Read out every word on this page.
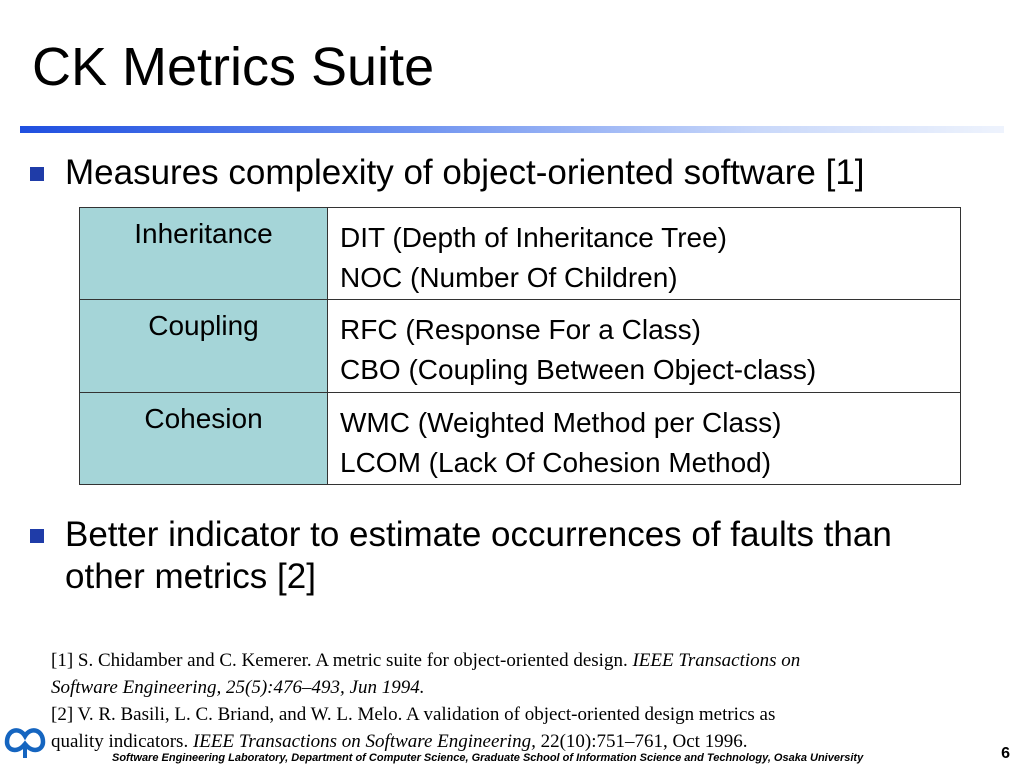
CK Metrics Suite
Measures complexity of object-oriented software [1]
Inheritance	DIT (Depth of Inheritance Tree)
NOC (Number Of Children)

Coupling	RFC (Response For a Class)
CBO (Coupling Between Object-class)

Cohesion	WMC (Weighted Method per Class)
LCOM (Lack Of Cohesion Method)
Better indicator to estimate occurrences of faults than other metrics [2]
[1] S. Chidamber and C. Kemerer. A metric suite for object-oriented design. IEEE Transactions on
Software Engineering, 25(5):476–493, Jun 1994.
[2] V. R. Basili, L. C. Briand, and W. L. Melo. A validation of object-oriented design metrics as
quality indicators. IEEE Transactions on Software Engineering, 22(10):751–761, Oct 1996.
Software Engineering Laboratory, Department of Computer Science, Graduate School of Information Science and Technology, Osaka University	6
